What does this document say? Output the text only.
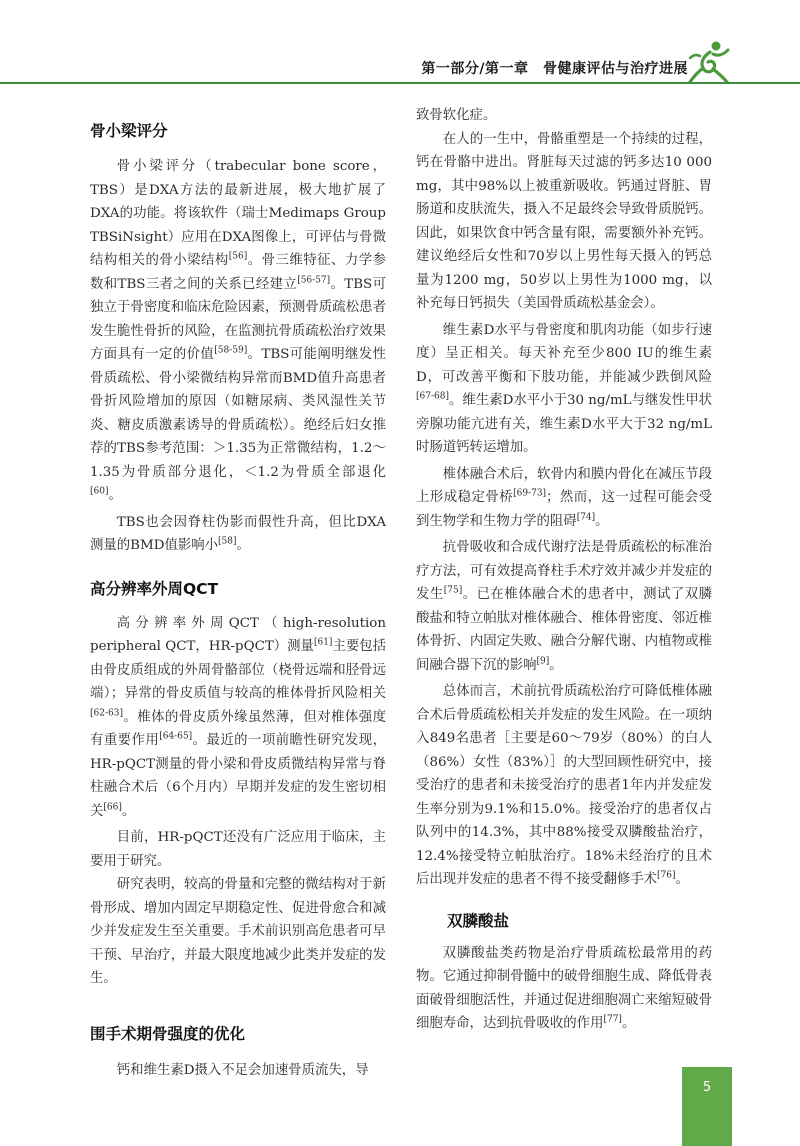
第一部分/第一章　骨健康评估与治疗进展
骨小梁评分

骨小梁评分（trabecular bone score，TBS）是DXA方法的最新进展，极大地扩展了DXA的功能。将该软件（瑞士Medimaps Group TBSiNsight）应用在DXA图像上，可评估与骨微结构相关的骨小梁结构[56]。骨三维特征、力学参数和TBS三者之间的关系已经建立[56-57]。TBS可独立于骨密度和临床危险因素，预测骨质疏松患者发生脆性骨折的风险，在监测抗骨质疏松治疗效果方面具有一定的价值[58-59]。TBS可能阐明继发性骨质疏松、骨小梁微结构异常而BMD值升高患者骨折风险增加的原因（如糖尿病、类风湿性关节炎、糖皮质激素诱导的骨质疏松）。绝经后妇女推荐的TBS参考范围：＞1.35为正常微结构，1.2～1.35为骨质部分退化，＜1.2为骨质全部退化[60]。

TBS也会因脊柱伪影而假性升高，但比DXA测量的BMD值影响小[58]。

高分辨率外周QCT

高分辨率外周QCT（high-resolution peripheral QCT，HR-pQCT）测量[61]主要包括由骨皮质组成的外周骨骼部位（桡骨远端和胫骨远端）；异常的骨皮质值与较高的椎体骨折风险相关[62-63]。椎体的骨皮质外缘虽然薄，但对椎体强度有重要作用[64-65]。最近的一项前瞻性研究发现，HR-pQCT测量的骨小梁和骨皮质微结构异常与脊柱融合术后（6个月内）早期并发症的发生密切相关[66]。

目前，HR-pQCT还没有广泛应用于临床，主要用于研究。

研究表明，较高的骨量和完整的微结构对于新骨形成、增加内固定早期稳定性、促进骨愈合和减少并发症发生至关重要。手术前识别高危患者可早干预、早治疗，并最大限度地减少此类并发症的发生。

围手术期骨强度的优化

钙和维生素D摄入不足会加速骨质流失，导

致骨软化症。

在人的一生中，骨骼重塑是一个持续的过程，钙在骨骼中进出。肾脏每天过滤的钙多达10 000 mg，其中98%以上被重新吸收。钙通过肾脏、胃肠道和皮肤流失，摄入不足最终会导致骨质脱钙。因此，如果饮食中钙含量有限，需要额外补充钙。建议绝经后女性和70岁以上男性每天摄入的钙总量为1200 mg，50岁以上男性为1000 mg，以补充每日钙损失（美国骨质疏松基金会）。

维生素D水平与骨密度和肌肉功能（如步行速度）呈正相关。每天补充至少800 IU的维生素D，可改善平衡和下肢功能，并能减少跌倒风险[67-68]。维生素D水平小于30 ng/mL与继发性甲状旁腺功能亢进有关，维生素D水平大于32 ng/mL时肠道钙转运增加。

椎体融合术后，软骨内和膜内骨化在减压节段上形成稳定骨桥[69-73]；然而，这一过程可能会受到生物学和生物力学的阻碍[74]。

抗骨吸收和合成代谢疗法是骨质疏松的标准治疗方法，可有效提高脊柱手术疗效并减少并发症的发生[75]。已在椎体融合术的患者中，测试了双膦酸盐和特立帕肽对椎体融合、椎体骨密度、邻近椎体骨折、内固定失败、融合分解代谢、内植物或椎间融合器下沉的影响[9]。

总体而言，术前抗骨质疏松治疗可降低椎体融合术后骨质疏松相关并发症的发生风险。在一项纳入849名患者［主要是60～79岁（80%）的白人（86%）女性（83%）］的大型回顾性研究中，接受治疗的患者和未接受治疗的患者1年内并发症发生率分别为9.1%和15.0%。接受治疗的患者仅占队列中的14.3%，其中88%接受双膦酸盐治疗，12.4%接受特立帕肽治疗。18%未经治疗的且术后出现并发症的患者不得不接受翻修手术[76]。

双膦酸盐

双膦酸盐类药物是治疗骨质疏松最常用的药物。它通过抑制骨髓中的破骨细胞生成、降低骨表面破骨细胞活性，并通过促进细胞凋亡来缩短破骨细胞寿命，达到抗骨吸收的作用[77]。

5
